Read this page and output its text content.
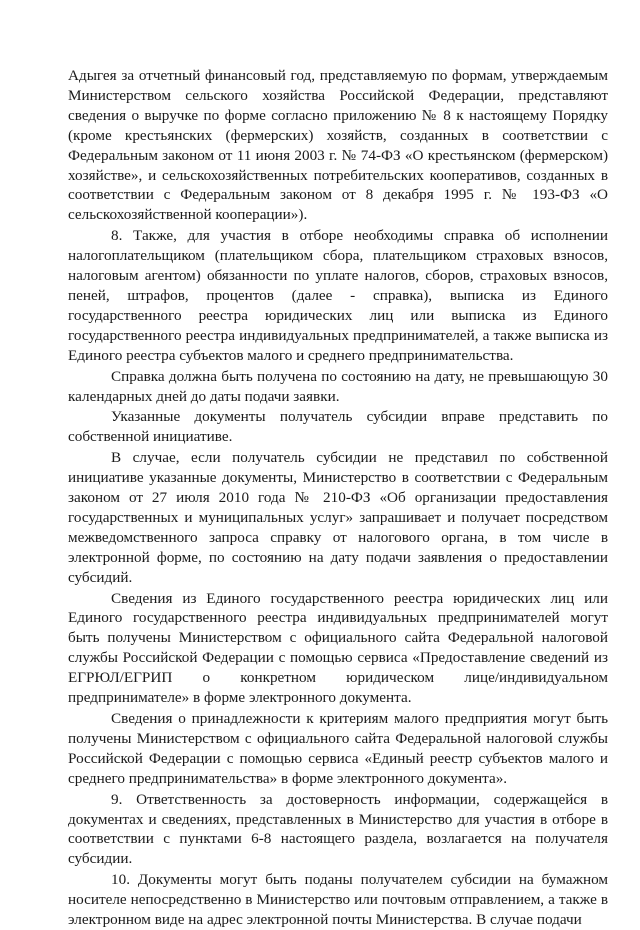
Адыгея за отчетный финансовый год, представляемую по формам, утверждаемым Министерством сельского хозяйства Российской Федерации, представляют сведения о выручке по форме согласно приложению № 8 к настоящему Порядку (кроме крестьянских (фермерских) хозяйств, созданных в соответствии с Федеральным законом от 11 июня 2003 г. № 74-ФЗ «О крестьянском (фермерском) хозяйстве», и сельскохозяйственных потребительских кооперативов, созданных в соответствии с Федеральным законом от 8 декабря 1995 г. № 193-ФЗ «О сельскохозяйственной кооперации»).

8. Также, для участия в отборе необходимы справка об исполнении налогоплательщиком (плательщиком сбора, плательщиком страховых взносов, налоговым агентом) обязанности по уплате налогов, сборов, страховых взносов, пеней, штрафов, процентов (далее - справка), выписка из Единого государственного реестра юридических лиц или выписка из Единого государственного реестра индивидуальных предпринимателей, а также выписка из Единого реестра субъектов малого и среднего предпринимательства.

Справка должна быть получена по состоянию на дату, не превышающую 30 календарных дней до даты подачи заявки.

Указанные документы получатель субсидии вправе представить по собственной инициативе.

В случае, если получатель субсидии не представил по собственной инициативе указанные документы, Министерство в соответствии с Федеральным законом от 27 июля 2010 года № 210-ФЗ «Об организации предоставления государственных и муниципальных услуг» запрашивает и получает посредством межведомственного запроса справку от налогового органа, в том числе в электронной форме, по состоянию на дату подачи заявления о предоставлении субсидий.

Сведения из Единого государственного реестра юридических лиц или Единого государственного реестра индивидуальных предпринимателей могут быть получены Министерством с официального сайта Федеральной налоговой службы Российской Федерации с помощью сервиса «Предоставление сведений из ЕГРЮЛ/ЕГРИП о конкретном юридическом лице/индивидуальном предпринимателе» в форме электронного документа.

Сведения о принадлежности к критериям малого предприятия могут быть получены Министерством с официального сайта Федеральной налоговой службы Российской Федерации с помощью сервиса «Единый реестр субъектов малого и среднего предпринимательства» в форме электронного документа».

9. Ответственность за достоверность информации, содержащейся в документах и сведениях, представленных в Министерство для участия в отборе в соответствии с пунктами 6-8 настоящего раздела, возлагается на получателя субсидии.

10. Документы могут быть поданы получателем субсидии на бумажном носителе непосредственно в Министерство или почтовым отправлением, а также в электронном виде на адрес электронной почты Министерства. В случае подачи
